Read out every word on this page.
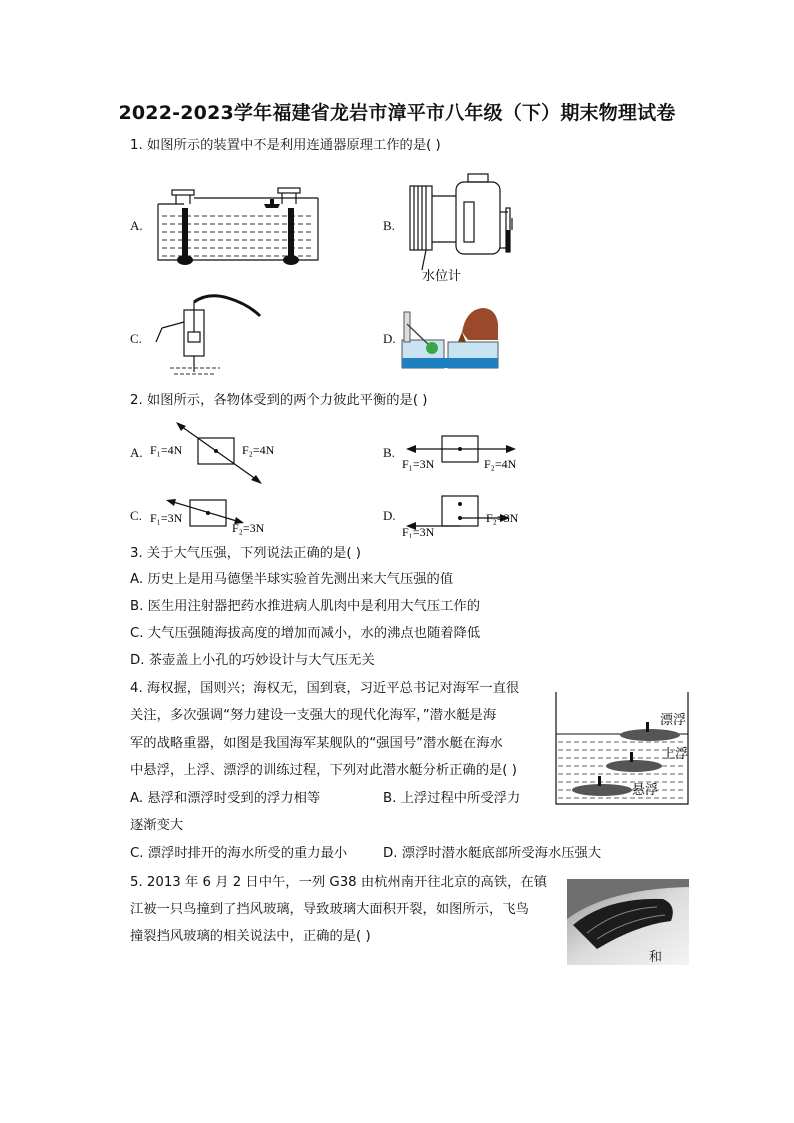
2022-2023学年福建省龙岩市漳平市八年级（下）期末物理试卷
1. 如图所示的装置中不是利用连通器原理工作的是( )
A.	B.
水位计
C.	D.
2. 如图所示，各物体受到的两个力彼此平衡的是( )
A. F₁=4N	F₂=4N	B.
F₁=3N	F₂=4N
C. F₁=3N
F₂=3N
D.
F₁=3N
F₂=3N
3. 关于大气压强，下列说法正确的是( )
A. 历史上是用马德堡半球实验首先测出来大气压强的值
B. 医生用注射器把药水推进病人肌肉中是利用大气压工作的
C. 大气压强随海拔高度的增加而减小，水的沸点也随着降低
D. 茶壶盖上小孔的巧妙设计与大气压无关
4. 海权握，国则兴；海权无，国到衰，习近平总书记对海军一直很
关注，多次强调“努力建设一支强大的现代化海军，”潜水艇是海
军的战略重器，如图是我国海军某舰队的“强国号”潜水艇在海水
中悬浮，上浮、漂浮的训练过程，下列对此潜水艇分析正确的是( )
A. 悬浮和漂浮时受到的浮力相等	B. 上浮过程中所受浮力
逐渐变大
C. 漂浮时排开的海水所受的重力最小	D. 漂浮时潜水艇底部所受海水压强大
漂浮
上浮
悬浮
5. 2013 年 6 月 2 日中午，一列 G38 由杭州南开往北京的高铁，在镇
江被一只鸟撞到了挡风玻璃，导致玻璃大面积开裂，如图所示，飞鸟
撞裂挡风玻璃的相关说法中，正确的是( )
和
